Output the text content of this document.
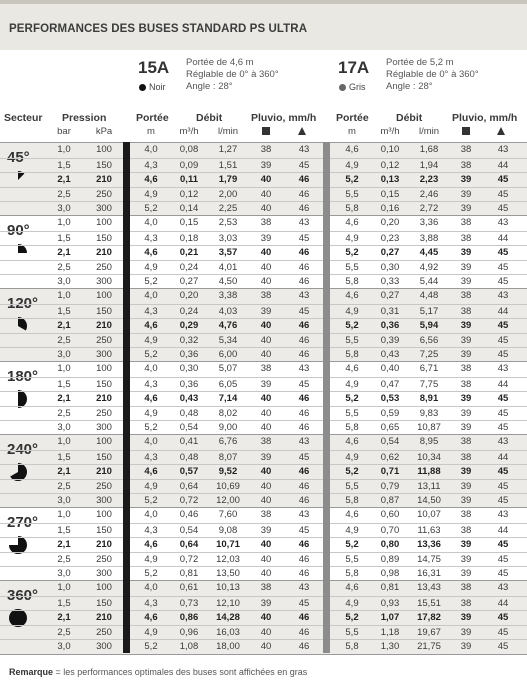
PERFORMANCES DES BUSES STANDARD PS ULTRA
15A
Noir
Portée de 4,6 m
Réglable de 0° à 360°
Angle : 28°
17A
Gris
Portée de 5,2 m
Réglable de 0° à 360°
Angle : 28°
Secteur Pression	Portée	Débit	Pluvio, mm/h Portée	Débit	Pluvio, mm/h
bar	kPa	m	m³/h	l/min	m	m³/h	l/min
45°	1,0	100	4,0	0,08	1,27	38	43	4,6	0,10	1,68	38	43
1,5	150	4,3	0,09	1,51	39	45	4,9	0,12	1,94	38	44
2,1	210	4,6	0,11	1,79	40	46	5,2	0,13	2,23	39	45
2,5	250	4,9	0,12	2,00	40	46	5,5	0,15	2,46	39	45
3,0	300	5,2	0,14	2,25	40	46	5,8	0,16	2,72	39	45
90°	1,0	100	4,0	0,15	2,53	38	43	4,6	0,20	3,36	38	43
1,5	150	4,3	0,18	3,03	39	45	4,9	0,23	3,88	38	44
2,1	210	4,6	0,21	3,57	40	46	5,2	0,27	4,45	39	45
2,5	250	4,9	0,24	4,01	40	46	5,5	0,30	4,92	39	45
3,0	300	5,2	0,27	4,50	40	46	5,8	0,33	5,44	39	45
120°	1,0	100	4,0	0,20	3,38	38	43	4,6	0,27	4,48	38	43
1,5	150	4,3	0,24	4,03	39	45	4,9	0,31	5,17	38	44
2,1	210	4,6	0,29	4,76	40	46	5,2	0,36	5,94	39	45
2,5	250	4,9	0,32	5,34	40	46	5,5	0,39	6,56	39	45
3,0	300	5,2	0,36	6,00	40	46	5,8	0,43	7,25	39	45
180°	1,0	100	4,0	0,30	5,07	38	43	4,6	0,40	6,71	38	43
1,5	150	4,3	0,36	6,05	39	45	4,9	0,47	7,75	38	44
2,1	210	4,6	0,43	7,14	40	46	5,2	0,53	8,91	39	45
2,5	250	4,9	0,48	8,02	40	46	5,5	0,59	9,83	39	45
3,0	300	5,2	0,54	9,00	40	46	5,8	0,65	10,87	39	45
240°	1,0	100	4,0	0,41	6,76	38	43	4,6	0,54	8,95	38	43
1,5	150	4,3	0,48	8,07	39	45	4,9	0,62	10,34	38	44
2,1	210	4,6	0,57	9,52	40	46	5,2	0,71	11,88	39	45
2,5	250	4,9	0,64	10,69	40	46	5,5	0,79	13,11	39	45
3,0	300	5,2	0,72	12,00	40	46	5,8	0,87	14,50	39	45
270°	1,0	100	4,0	0,46	7,60	38	43	4,6	0,60	10,07	38	43
1,5	150	4,3	0,54	9,08	39	45	4,9	0,70	11,63	38	44
2,1	210	4,6	0,64	10,71	40	46	5,2	0,80	13,36	39	45
2,5	250	4,9	0,72	12,03	40	46	5,5	0,89	14,75	39	45
3,0	300	5,2	0,81	13,50	40	46	5,8	0,98	16,31	39	45
360°	1,0	100	4,0	0,61	10,13	38	43	4,6	0,81	13,43	38	43
1,5	150	4,3	0,73	12,10	39	45	4,9	0,93	15,51	38	44
2,1	210	4,6	0,86	14,28	40	46	5,2	1,07	17,82	39	45
2,5	250	4,9	0,96	16,03	40	46	5,5	1,18	19,67	39	45
3,0	300	5,2	1,08	18,00	40	46	5,8	1,30	21,75	39	45
Remarque = les performances optimales des buses sont affichées en gras
